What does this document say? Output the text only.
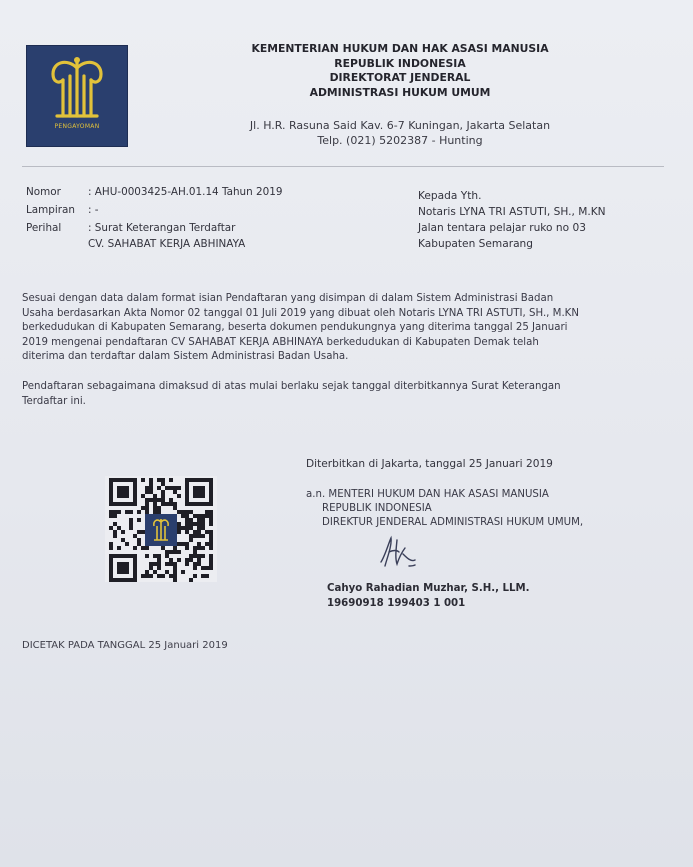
PENGAYOMAN
KEMENTERIAN HUKUM DAN HAK ASASI MANUSIA
REPUBLIK INDONESIA
DIREKTORAT JENDERAL
ADMINISTRASI HUKUM UMUM
Jl. H.R. Rasuna Said Kav. 6-7 Kuningan, Jakarta Selatan
Telp. (021) 5202387 - Hunting
Nomor	: AHU-0003425-AH.01.14 Tahun 2019
Lampiran	: -
Perihal	: Surat Keterangan Terdaftar
CV. SAHABAT KERJA ABHINAYA
Kepada Yth.
Notaris LYNA TRI ASTUTI, SH., M.KN
Jalan tentara pelajar ruko no 03
Kabupaten Semarang
Sesuai dengan data dalam format isian Pendaftaran yang disimpan di dalam Sistem Administrasi Badan
Usaha berdasarkan Akta Nomor 02 tanggal 01 Juli 2019 yang dibuat oleh Notaris LYNA TRI ASTUTI, SH., M.KN
berkedudukan di Kabupaten Semarang, beserta dokumen pendukungnya yang diterima tanggal 25 Januari
2019 mengenai pendaftaran CV SAHABAT KERJA ABHINAYA berkedudukan di Kabupaten Demak telah
diterima dan terdaftar dalam Sistem Administrasi Badan Usaha.
Pendaftaran sebagaimana dimaksud di atas mulai berlaku sejak tanggal diterbitkannya Surat Keterangan
Terdaftar ini.
Diterbitkan di Jakarta, tanggal 25 Januari 2019
a.n. MENTERI HUKUM DAN HAK ASASI MANUSIA
REPUBLIK INDONESIA
DIREKTUR JENDERAL ADMINISTRASI HUKUM UMUM,
Cahyo Rahadian Muzhar, S.H., LLM.
19690918 199403 1 001
DICETAK PADA TANGGAL 25 Januari 2019
